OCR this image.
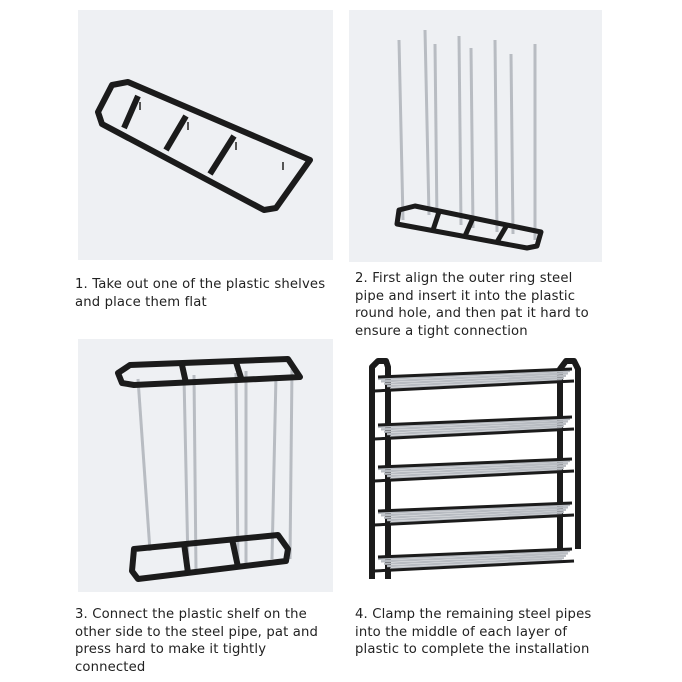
1. Take out one of the plastic shelves
and place them flat
2. First align the outer ring steel
pipe and insert it into the plastic
round hole, and then pat it hard to
ensure a tight connection
3. Connect the plastic shelf on the
other side to the steel pipe, pat and
press hard to make it tightly
connected
4. Clamp the remaining steel pipes
into the middle of each layer of
plastic to complete the installation
